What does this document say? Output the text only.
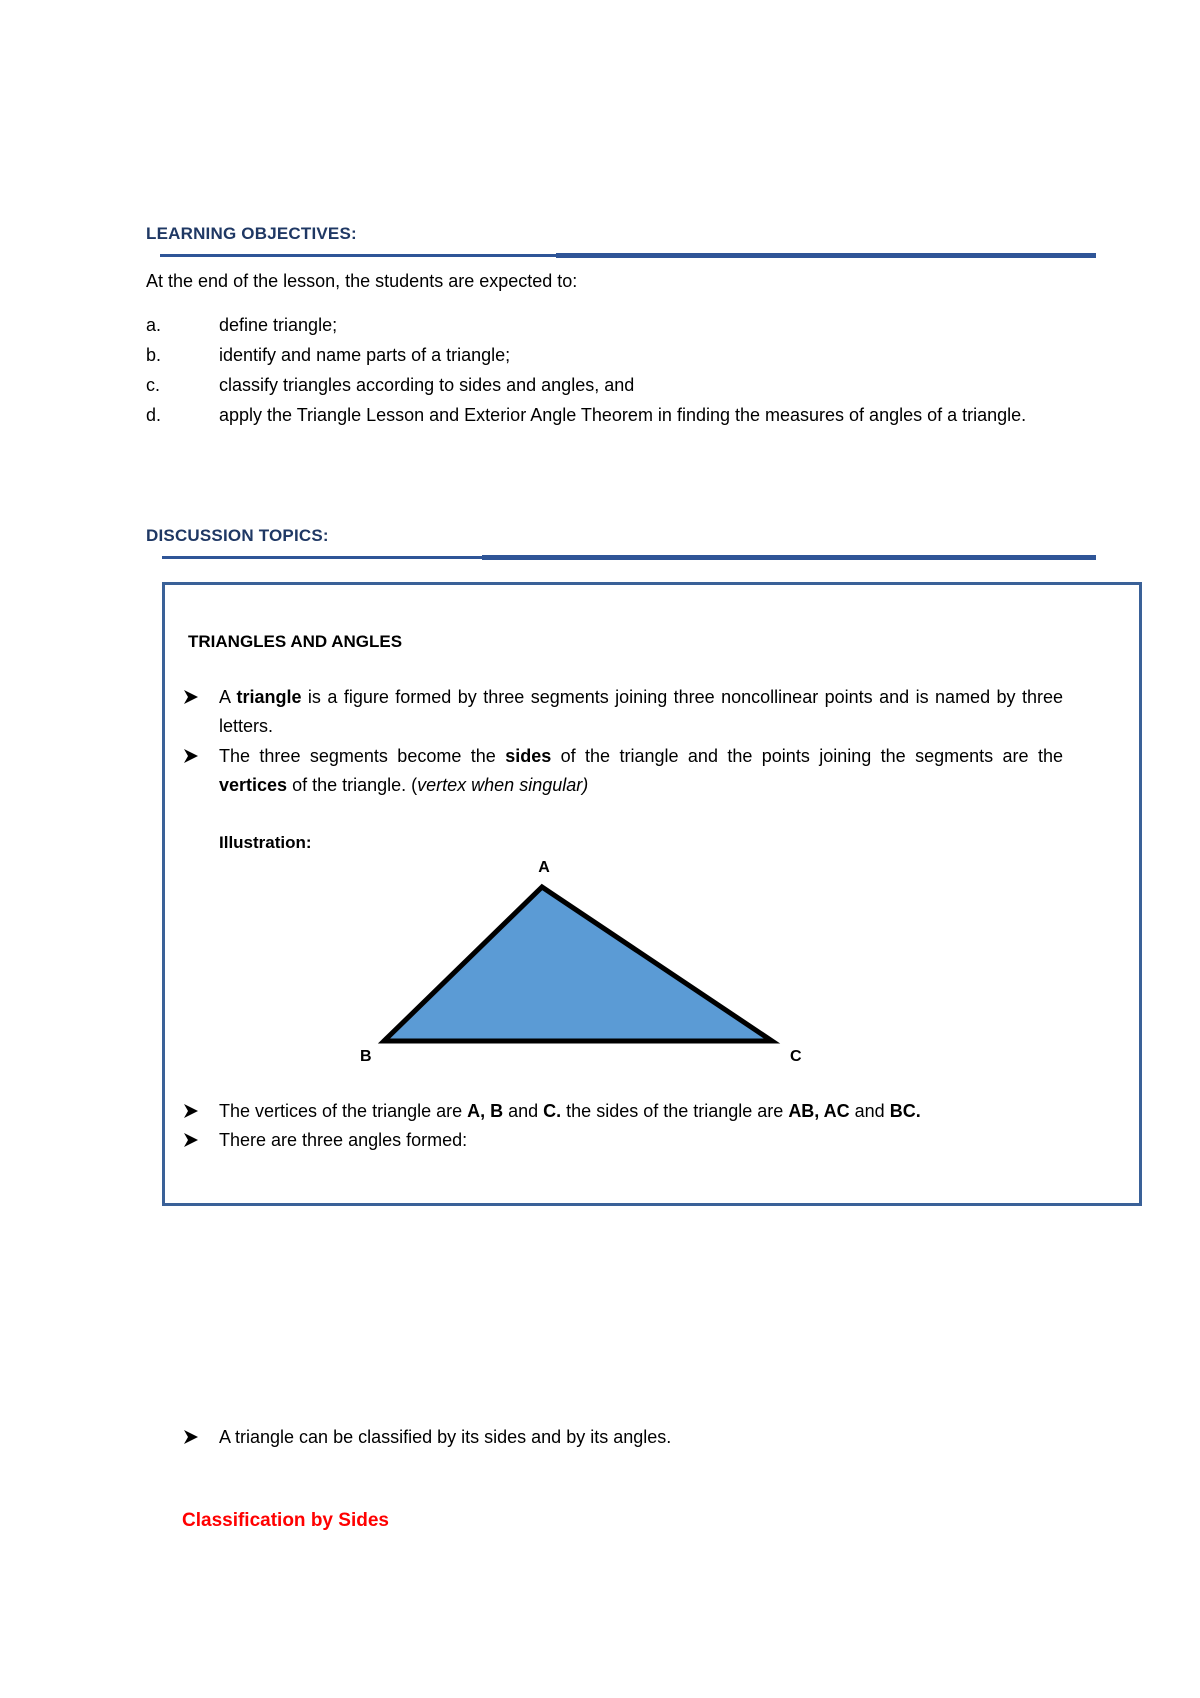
LEARNING OBJECTIVES:
At the end of the lesson, the students are expected to:
a.	define triangle;
b.	identify and name parts of a triangle;
c.	classify triangles according to sides and angles, and
d.	apply the Triangle Lesson and Exterior Angle Theorem in finding the measures of angles of a triangle.
DISCUSSION TOPICS:
TRIANGLES AND ANGLES
A triangle is a figure formed by three segments joining three noncollinear points and is named by three letters.
The three segments become the sides of the triangle and the points joining the segments are the vertices of the triangle. (vertex when singular)
Illustration:
A
B	C
The vertices of the triangle are A, B and C. the sides of the triangle are AB, AC and BC.
There are three angles formed:
A triangle can be classified by its sides and by its angles.
Classification by Sides
